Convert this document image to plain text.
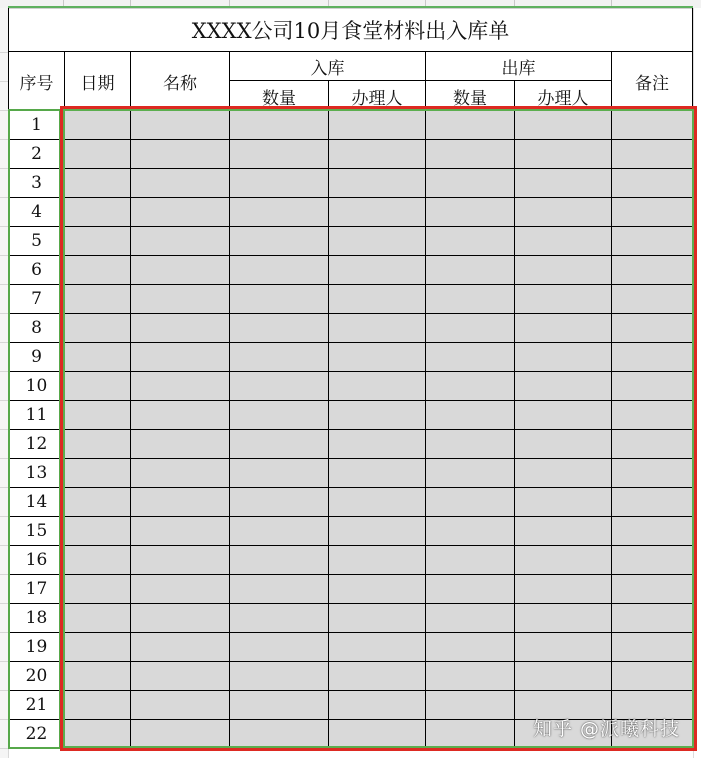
XXXX公司10月食堂材料出入库单							
序号	日期	名称	入库		出库		备注
			数量	办理人	数量	办理人	
1							
2							
3							
4							
5							
6							
7							
8							
9							
10							
11							
12							
13							
14							
15							
16							
17							
18							
19							
20							
21							
22								知乎 @派曦科技
